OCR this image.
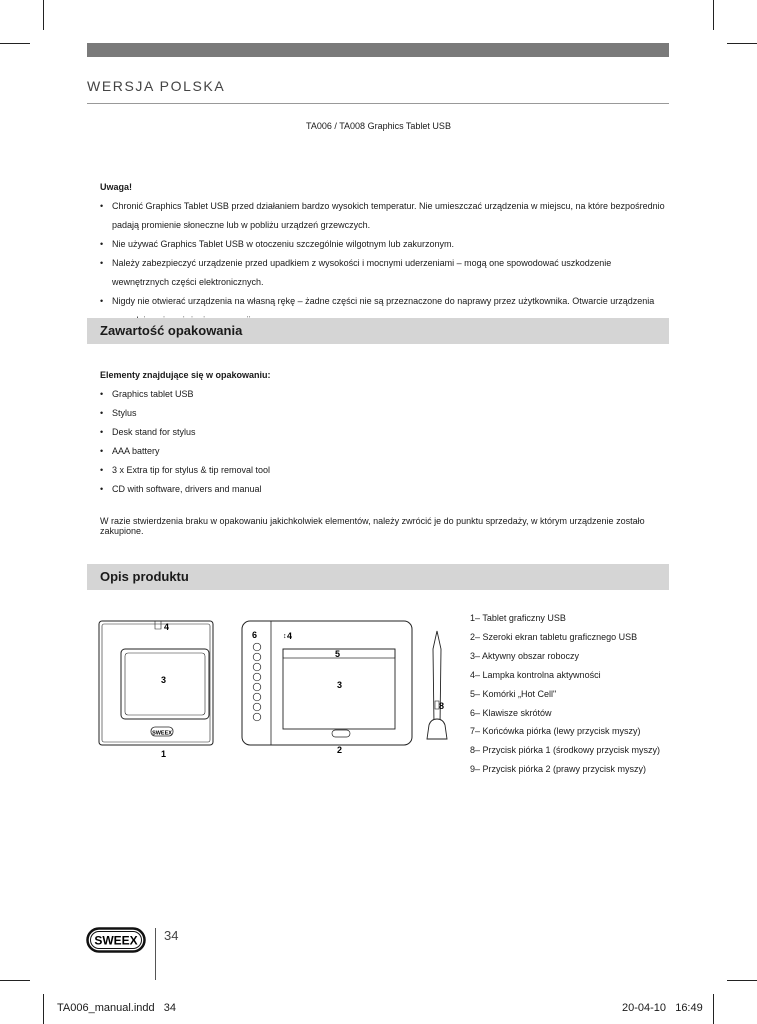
WERSJA POLSKA
TA006 / TA008 Graphics Tablet USB
Uwaga!
• Chronić Graphics Tablet USB przed działaniem bardzo wysokich temperatur. Nie umieszczać urządzenia w miejscu, na które bezpośrednio padają promienie słoneczne lub w pobliżu urządzeń grzewczych.
• Nie używać Graphics Tablet USB w otoczeniu szczególnie wilgotnym lub zakurzonym.
• Należy zabezpieczyć urządzenie przed upadkiem z wysokości i mocnymi uderzeniami – mogą one spowodować uszkodzenie wewnętrznych części elektronicznych.
• Nigdy nie otwierać urządzenia na własną rękę – żadne części nie są przeznaczone do naprawy przez użytkownika. Otwarcie urządzenia
Zawartość opakowania
Elementy znajdujące się w opakowaniu:
• Graphics tablet USB
• Stylus
• Desk stand for stylus
• AAA battery
• 3 x Extra tip for stylus & tip removal tool
• CD with software, drivers and manual
W razie stwierdzenia braku w opakowaniu jakichkolwiek elementów, należy zwrócić je do punktu sprzedaży, w którym urządzenie zostało zakupione.
Opis produktu
SWEEX
4
3
1
6	↕ 4
5
3
2
8
1– Tablet graficzny USB
2– Szeroki ekran tabletu graficznego USB
3– Aktywny obszar roboczy
4– Lampka kontrolna aktywności
5– Komórki „Hot Cell"
6– Klawisze skrótów
7– Końcówka piórka (lewy przycisk myszy)
8– Przycisk piórka 1 (środkowy przycisk myszy)
9– Przycisk piórka 2 (prawy przycisk myszy)
SWEEX 34
TA006_manual.indd   34	20-04-10   16:49
